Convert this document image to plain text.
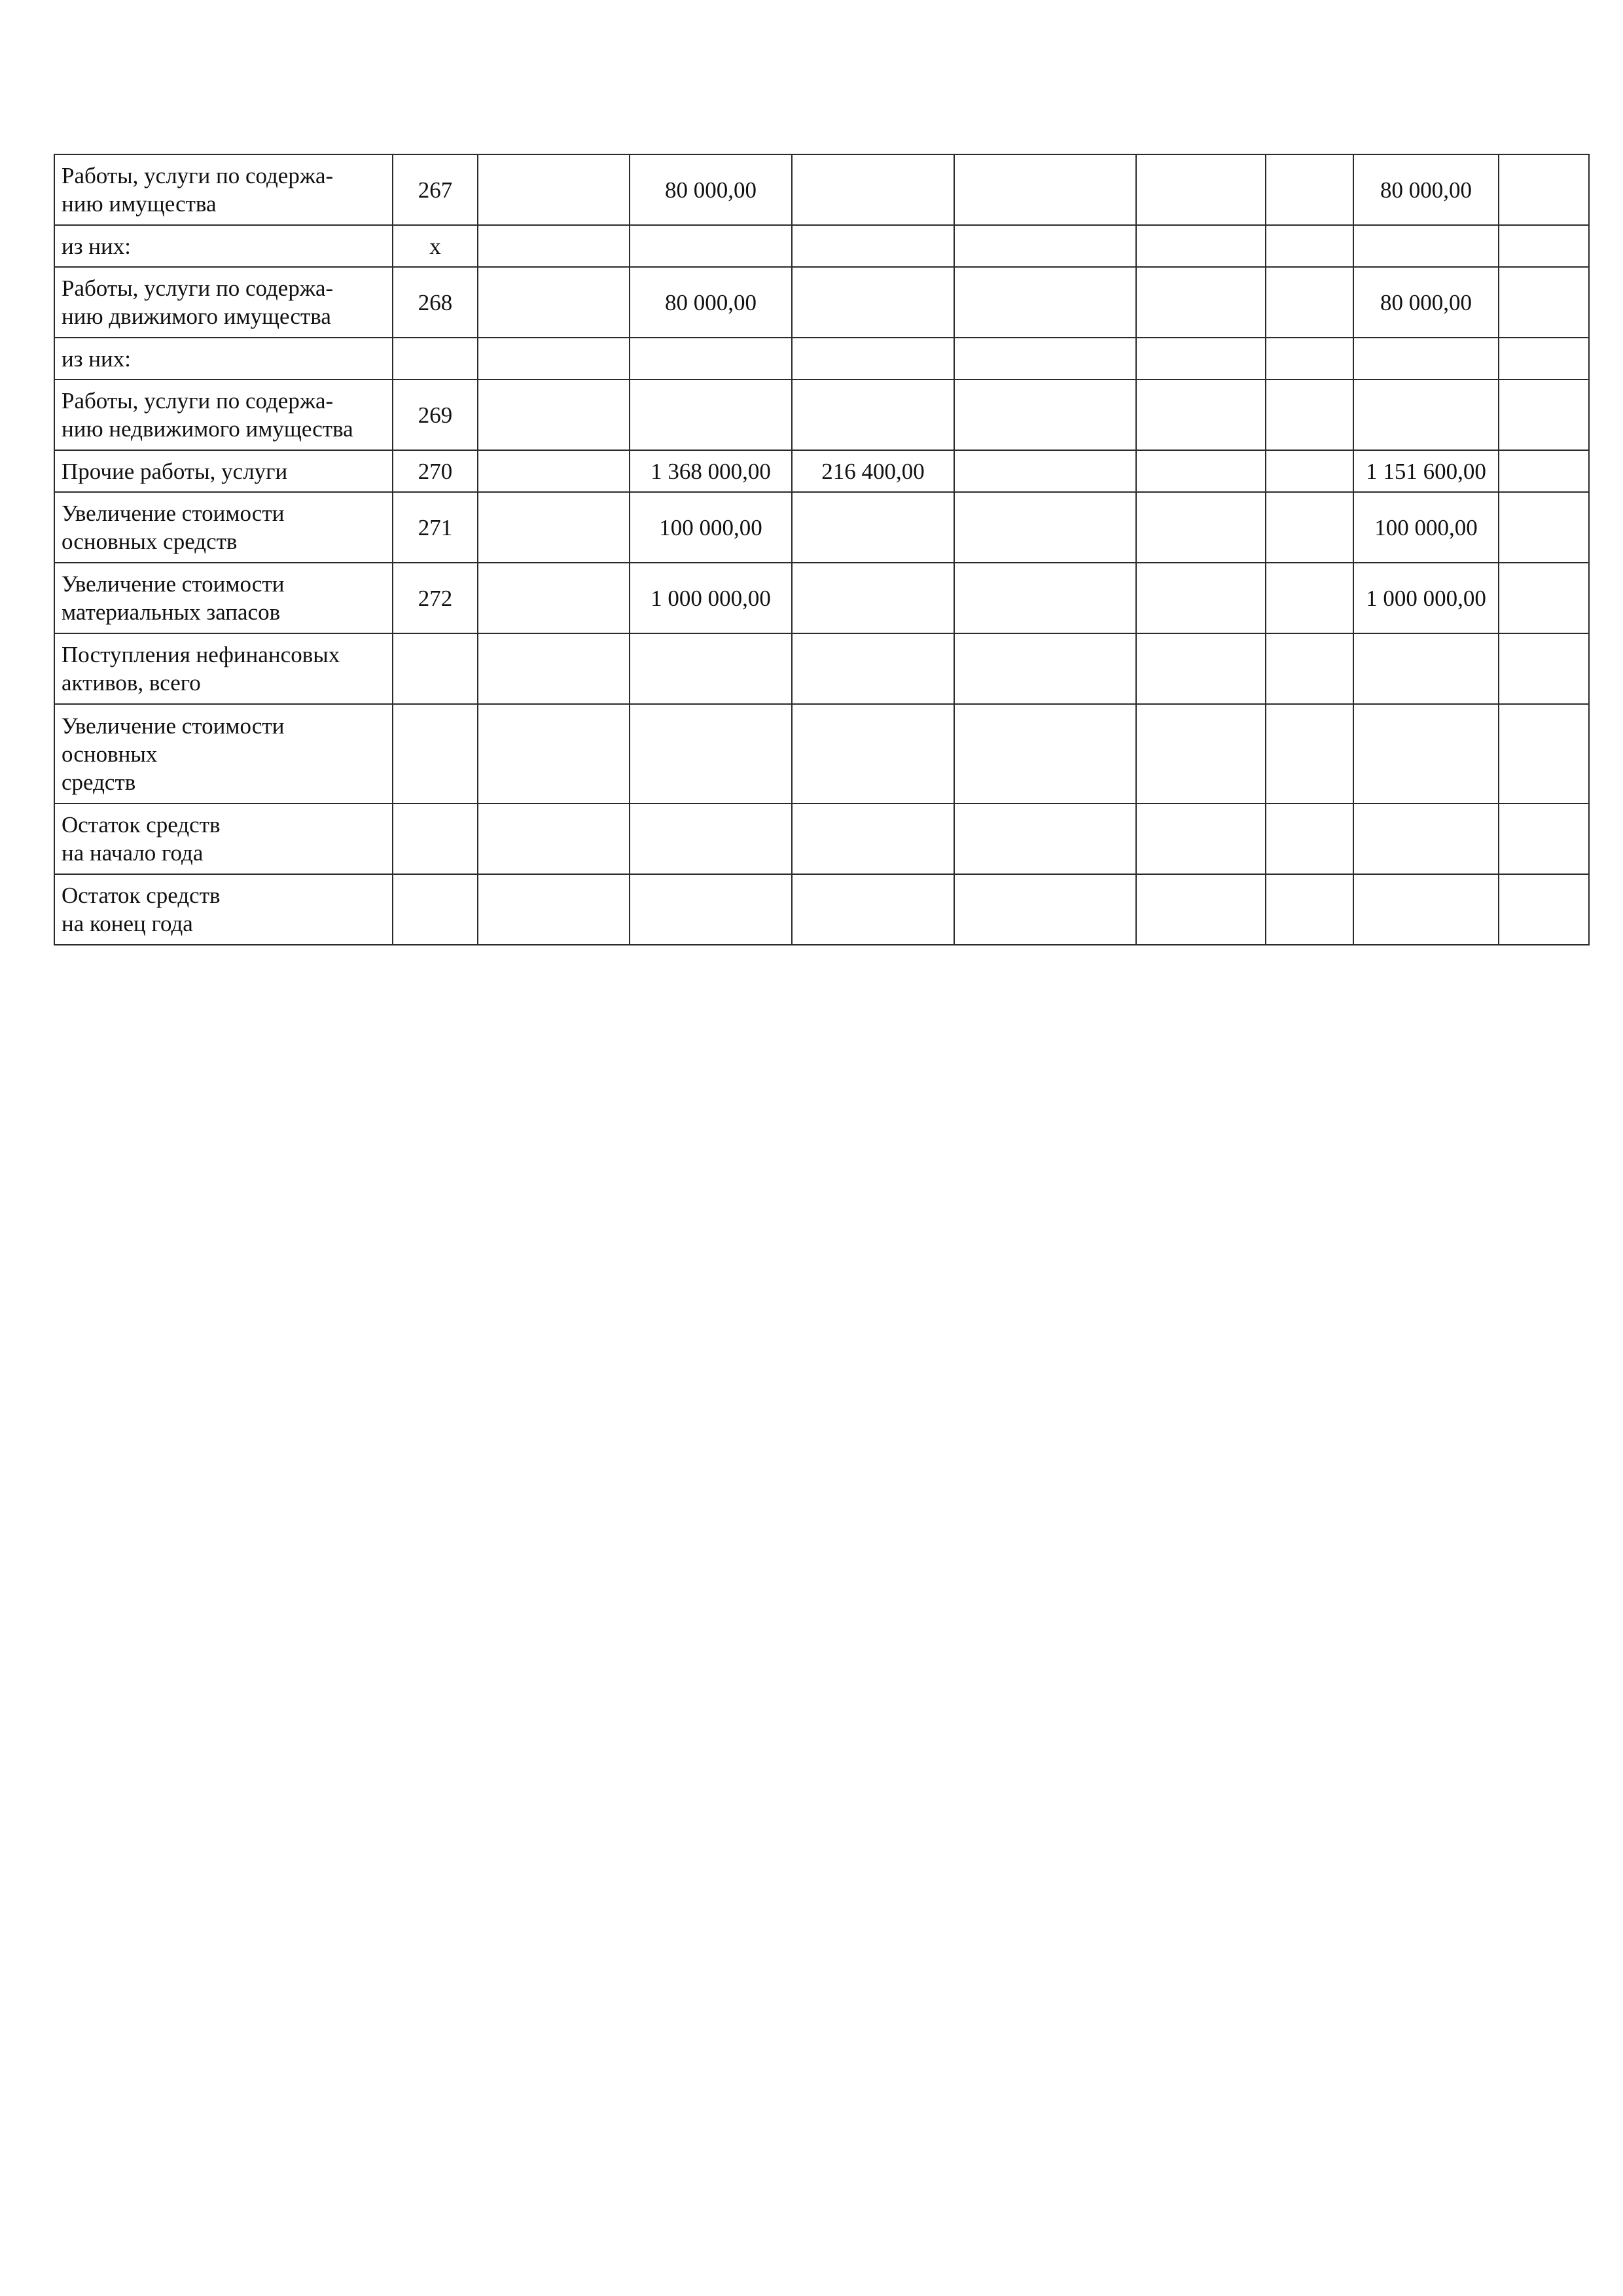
Работы, услуги по содержа-
нию имущества	267		80 000,00					80 000,00	
из них:	x								
Работы, услуги по содержа-
нию движимого имущества	268		80 000,00					80 000,00	
из них:									
Работы, услуги по содержа-
нию недвижимого имущества	269								
Прочие работы, услуги	270		1 368 000,00	216 400,00				1 151 600,00	
Увеличение стоимости
основных средств	271		100 000,00					100 000,00	
Увеличение стоимости
материальных запасов	272		1 000 000,00					1 000 000,00	
Поступления нефинансовых
активов, всего									
Увеличение стоимости
основных
средств									
Остаток средств
на начало года									
Остаток средств
на конец года									
